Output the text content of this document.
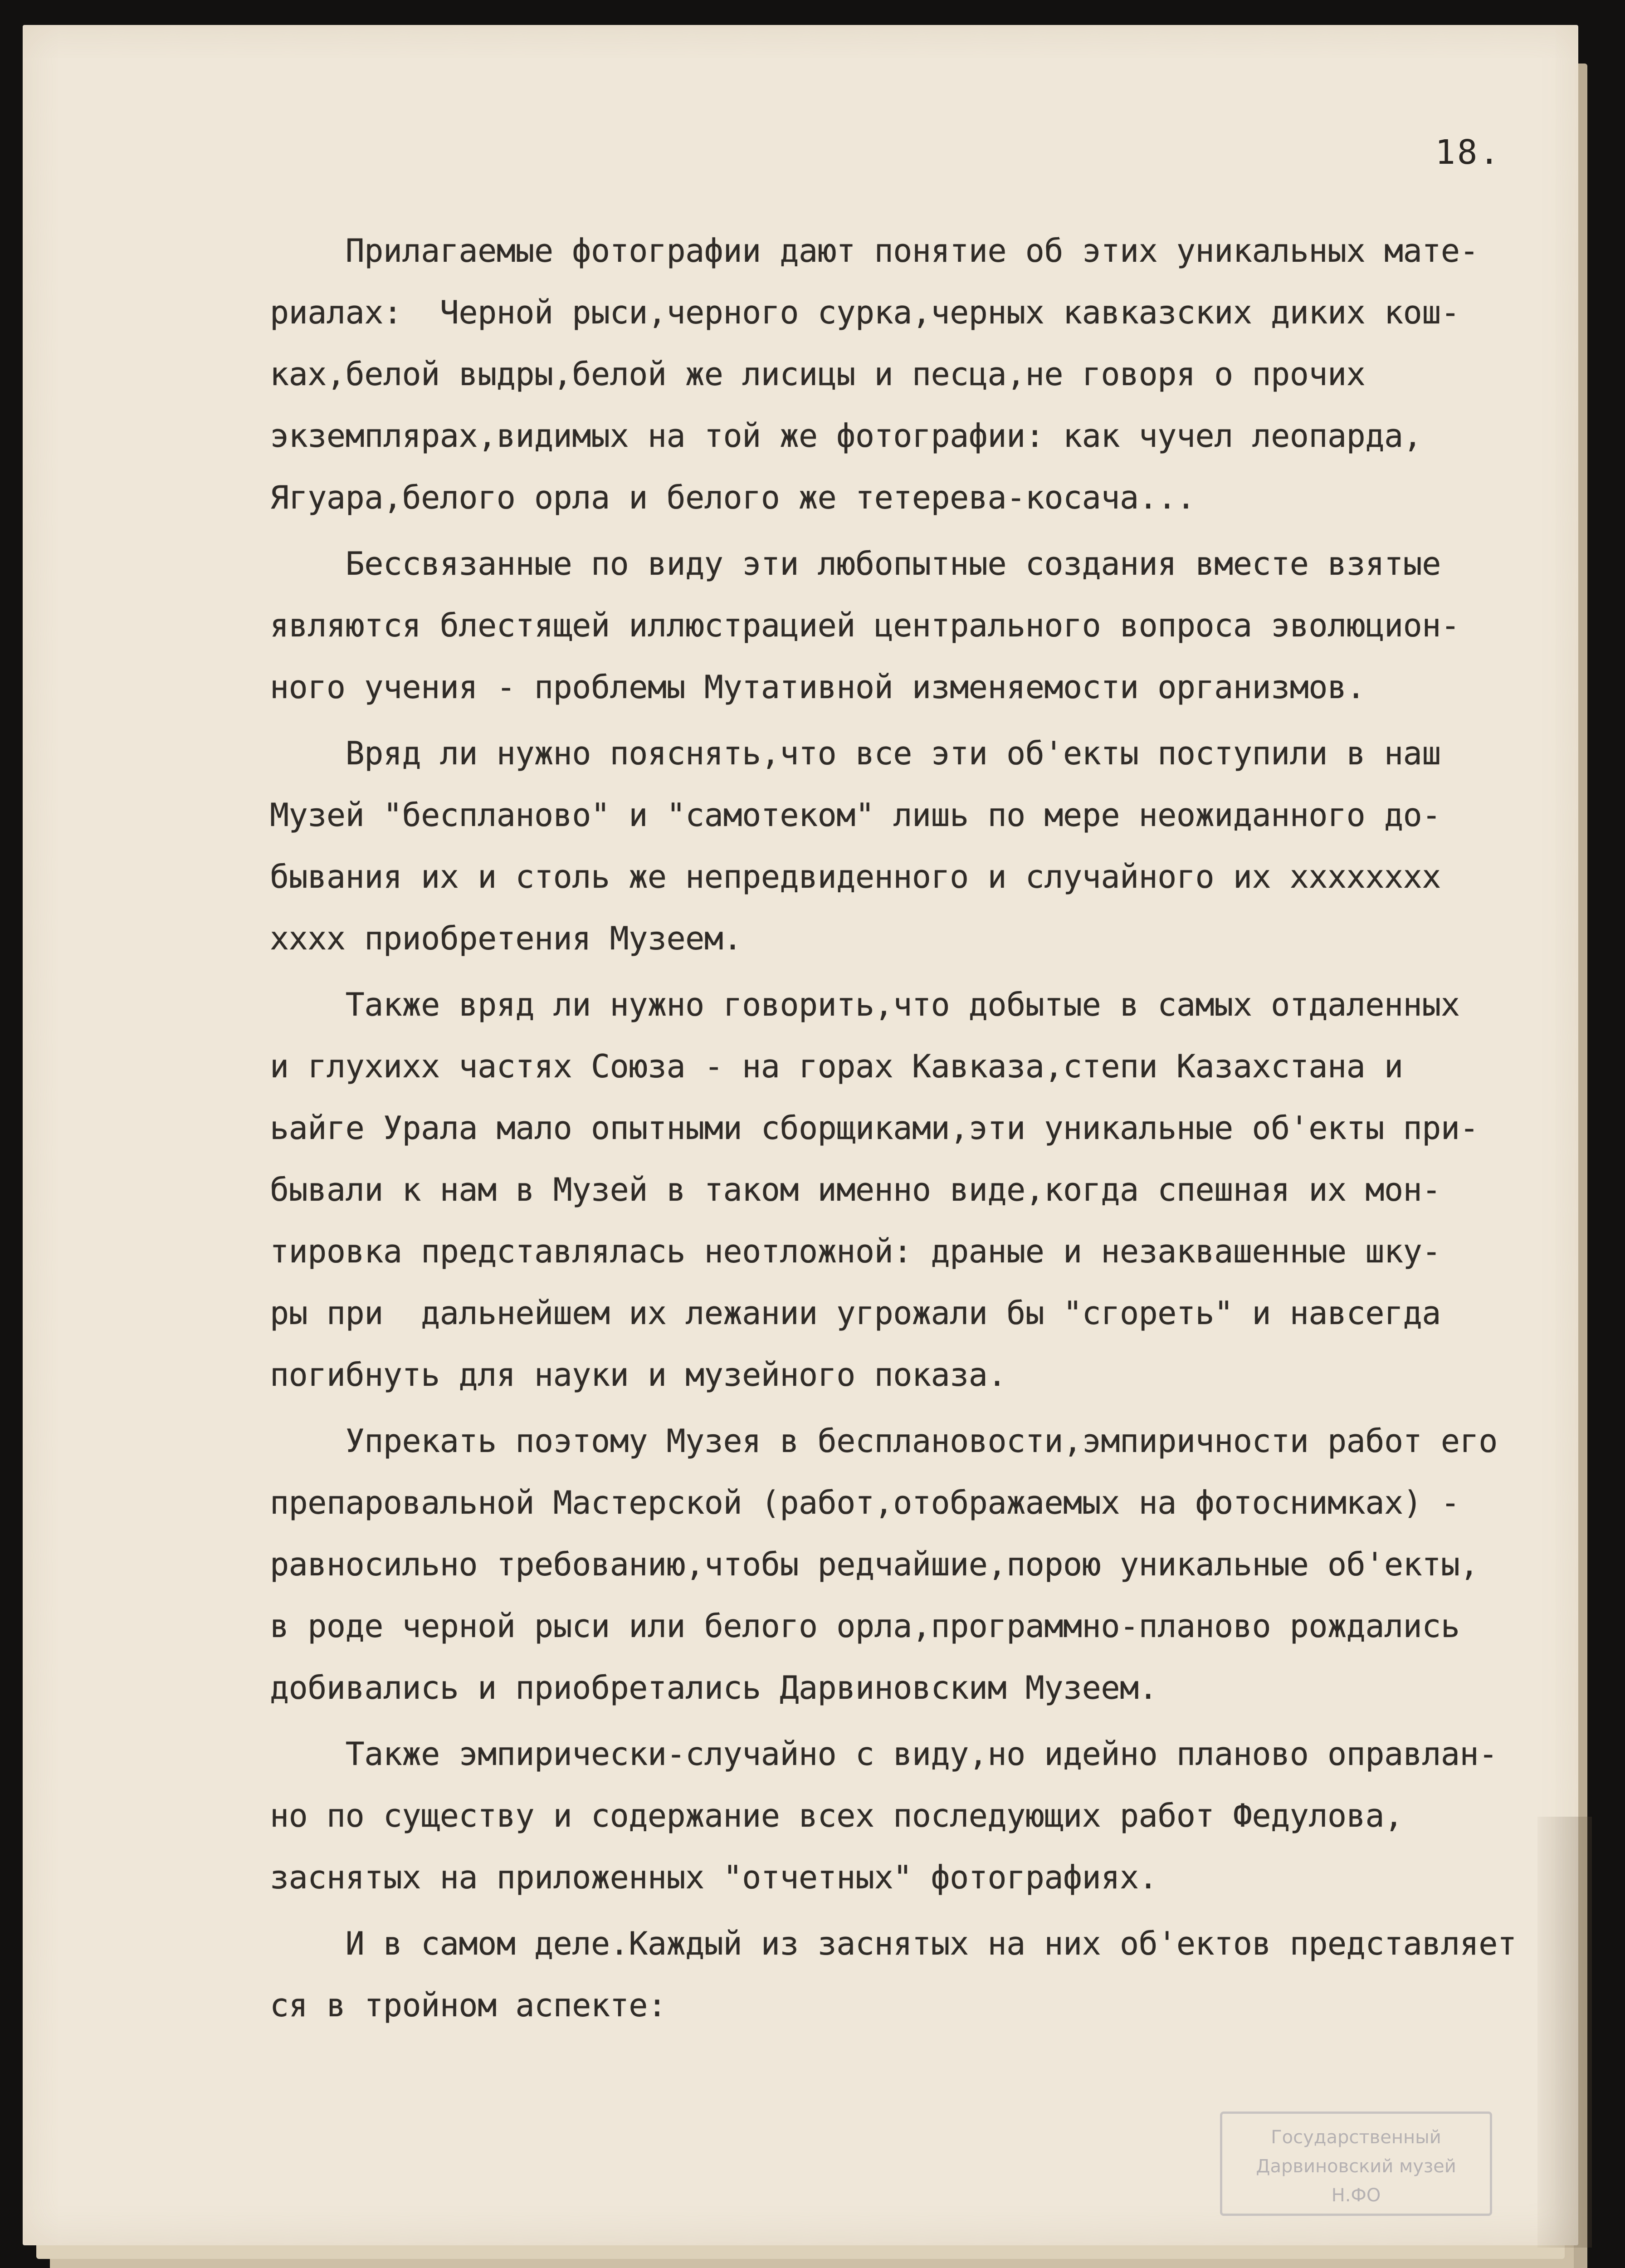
18.

Прилагаемые фотографии дают понятие об этих уникальных мате-
риалах:  Черной рыси,черного сурка,черных кавказских диких кош-
ках,белой выдры,белой же лисицы и песца,не говоря о прочих
экземплярах,видимых на той же фотографии: как чучел леопарда,
Ягуара,белого орла и белого же тетерева-косача...

Бессвязанные по виду эти любопытные создания вместе взятые
являются блестящей иллюстрацией центрального вопроса эволюцион-
ного учения - проблемы Мутативной изменяемости организмов.

Вряд ли нужно пояснять,что все эти об'екты поступили в наш
Музей "беспланово" и "самотеком" лишь по мере неожиданного до-
бывания их и столь же непредвиденного и случайного их хххххххх
хххх приобретения Музеем.

Также вряд ли нужно говорить,что добытые в самых отдаленных
и глухихх частях Союза - на горах Кавказа,степи Казахстана и
ьайге Урала мало опытными сборщиками,эти уникальные об'екты при-
бывали к нам в Музей в таком именно виде,когда спешная их мон-
тировка представлялась неотложной: драные и незаквашенные шку-
ры при  дальнейшем их лежании угрожали бы "сгореть" и навсегда
погибнуть для науки и музейного показа.

Упрекать поэтому Музея в бесплановости,эмпиричности работ его
препаровальной Мастерской (работ,отображаемых на фотоснимках) -
равносильно требованию,чтобы редчайшие,порою уникальные об'екты,
в роде черной рыси или белого орла,программно-планово рождались
добивались и приобретались Дарвиновским Музеем.

Также эмпирически-случайно с виду,но идейно планово оправлан-
но по существу и содержание всех последующих работ Федулова,
заснятых на приложенных "отчетных" фотографиях.

И в самом деле.Каждый из заснятых на них об'ектов представляет
ся в тройном аспекте:

Государственный
Дарвиновский музей
Н.ФО
